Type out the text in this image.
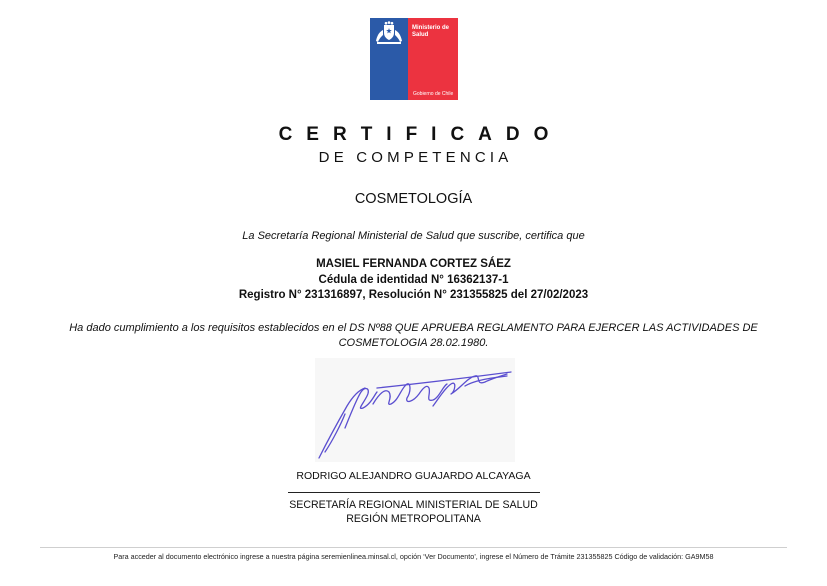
Ministerio de Salud
Gobierno de Chile
CERTIFICADO
DE COMPETENCIA
COSMETOLOGÍA
La Secretaría Regional Ministerial de Salud que suscribe, certifica que
MASIEL FERNANDA CORTEZ SÁEZ
Cédula de identidad N° 16362137-1
Registro N° 231316897, Resolución N° 231355825 del 27/02/2023
Ha dado cumplimiento a los requisitos establecidos en el DS Nº88 QUE APRUEBA REGLAMENTO PARA EJERCER LAS ACTIVIDADES DE
COSMETOLOGIA 28.02.1980.
RODRIGO ALEJANDRO GUAJARDO ALCAYAGA
SECRETARÍA REGIONAL MINISTERIAL DE SALUD
REGIÓN METROPOLITANA
Para acceder al documento electrónico ingrese a nuestra página seremienlinea.minsal.cl, opción ‘Ver Documento’, ingrese el Número de Trámite 231355825 Código de validación: GA9M58
